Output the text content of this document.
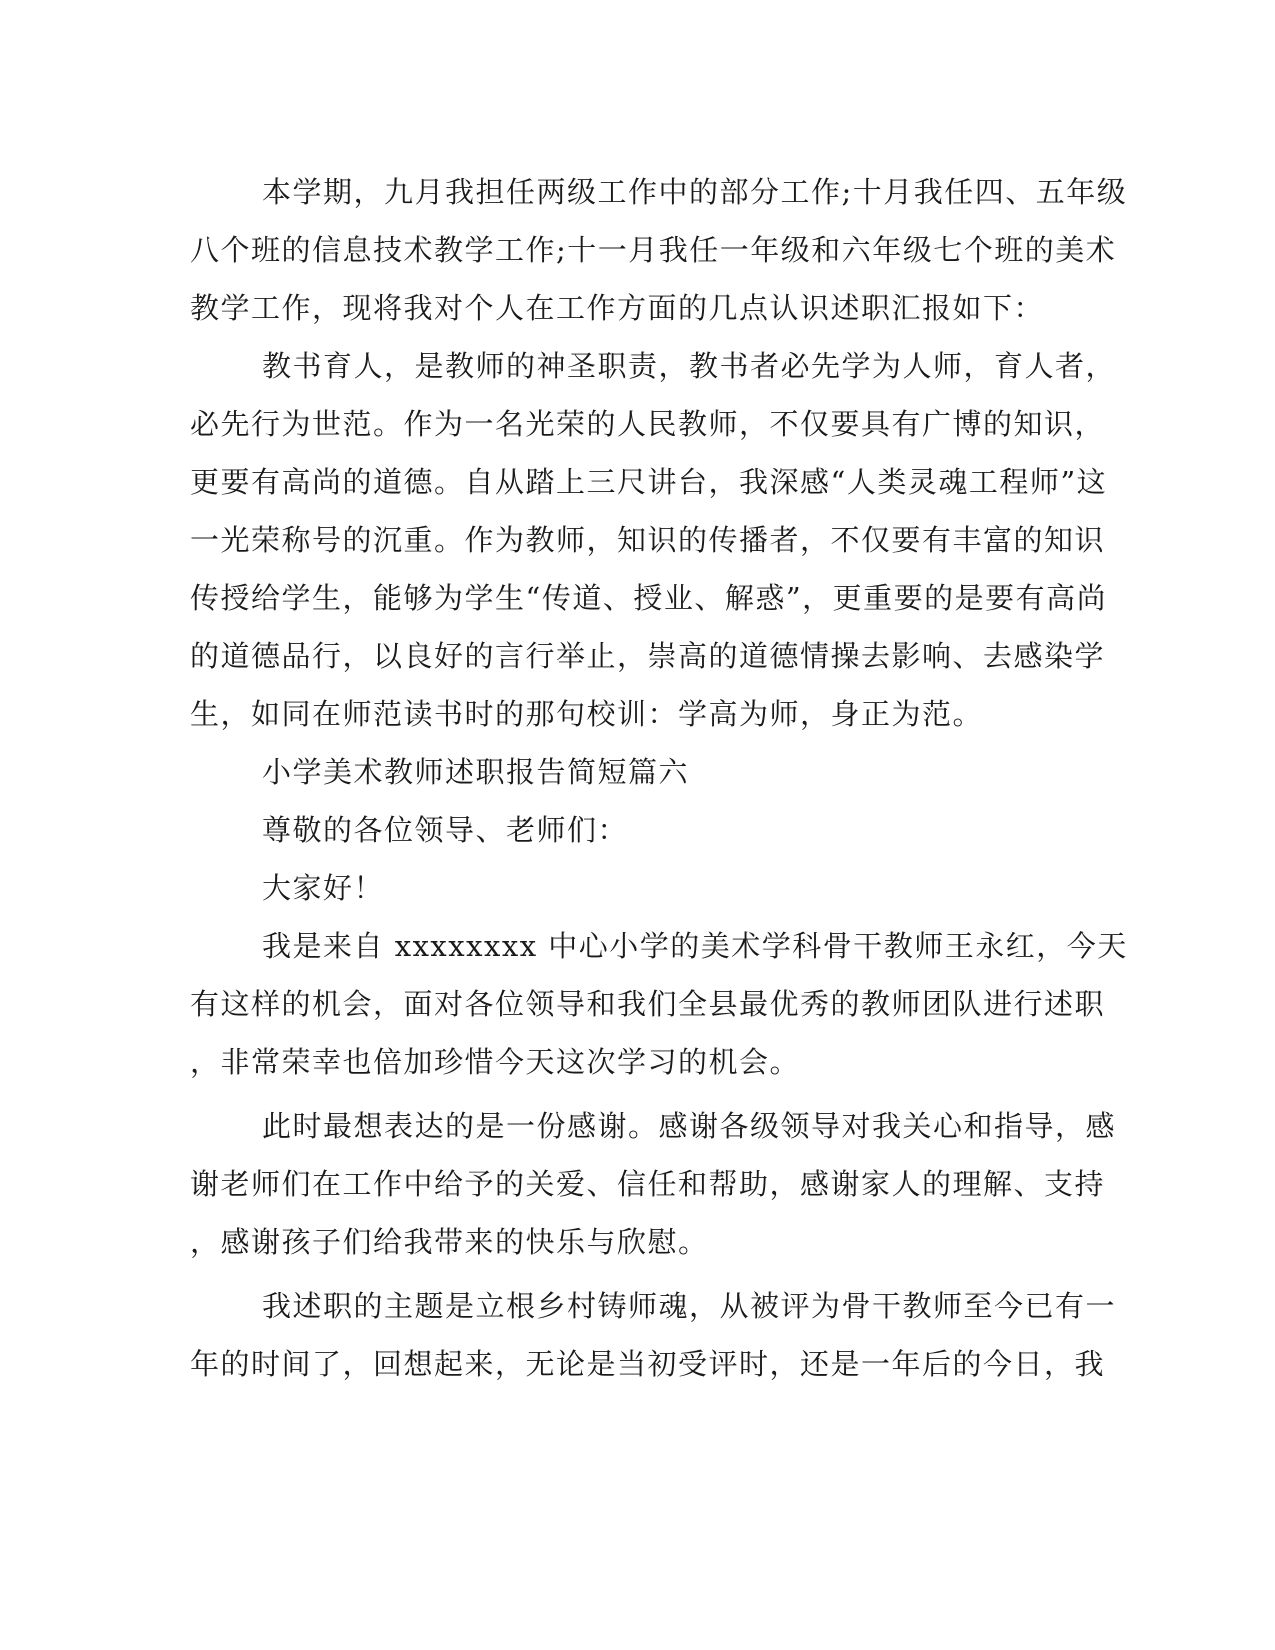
本学期，九月我担任两级工作中的部分工作;十月我任四、五年级
八个班的信息技术教学工作;十一月我任一年级和六年级七个班的美术
教学工作，现将我对个人在工作方面的几点认识述职汇报如下：
教书育人，是教师的神圣职责，教书者必先学为人师，育人者，
必先行为世范。作为一名光荣的人民教师，不仅要具有广博的知识，
更要有高尚的道德。自从踏上三尺讲台，我深感“人类灵魂工程师”这
一光荣称号的沉重。作为教师，知识的传播者，不仅要有丰富的知识
传授给学生，能够为学生“传道、授业、解惑”，更重要的是要有高尚
的道德品行，以良好的言行举止，崇高的道德情操去影响、去感染学
生，如同在师范读书时的那句校训：学高为师，身正为范。
小学美术教师述职报告简短篇六
尊敬的各位领导、老师们：
大家好！
我是来自 xxxxxxxx 中心小学的美术学科骨干教师王永红，今天
有这样的机会，面对各位领导和我们全县最优秀的教师团队进行述职
，非常荣幸也倍加珍惜今天这次学习的机会。
此时最想表达的是一份感谢。感谢各级领导对我关心和指导，感
谢老师们在工作中给予的关爱、信任和帮助，感谢家人的理解、支持
，感谢孩子们给我带来的快乐与欣慰。
我述职的主题是立根乡村铸师魂，从被评为骨干教师至今已有一
年的时间了，回想起来，无论是当初受评时，还是一年后的今日，我
